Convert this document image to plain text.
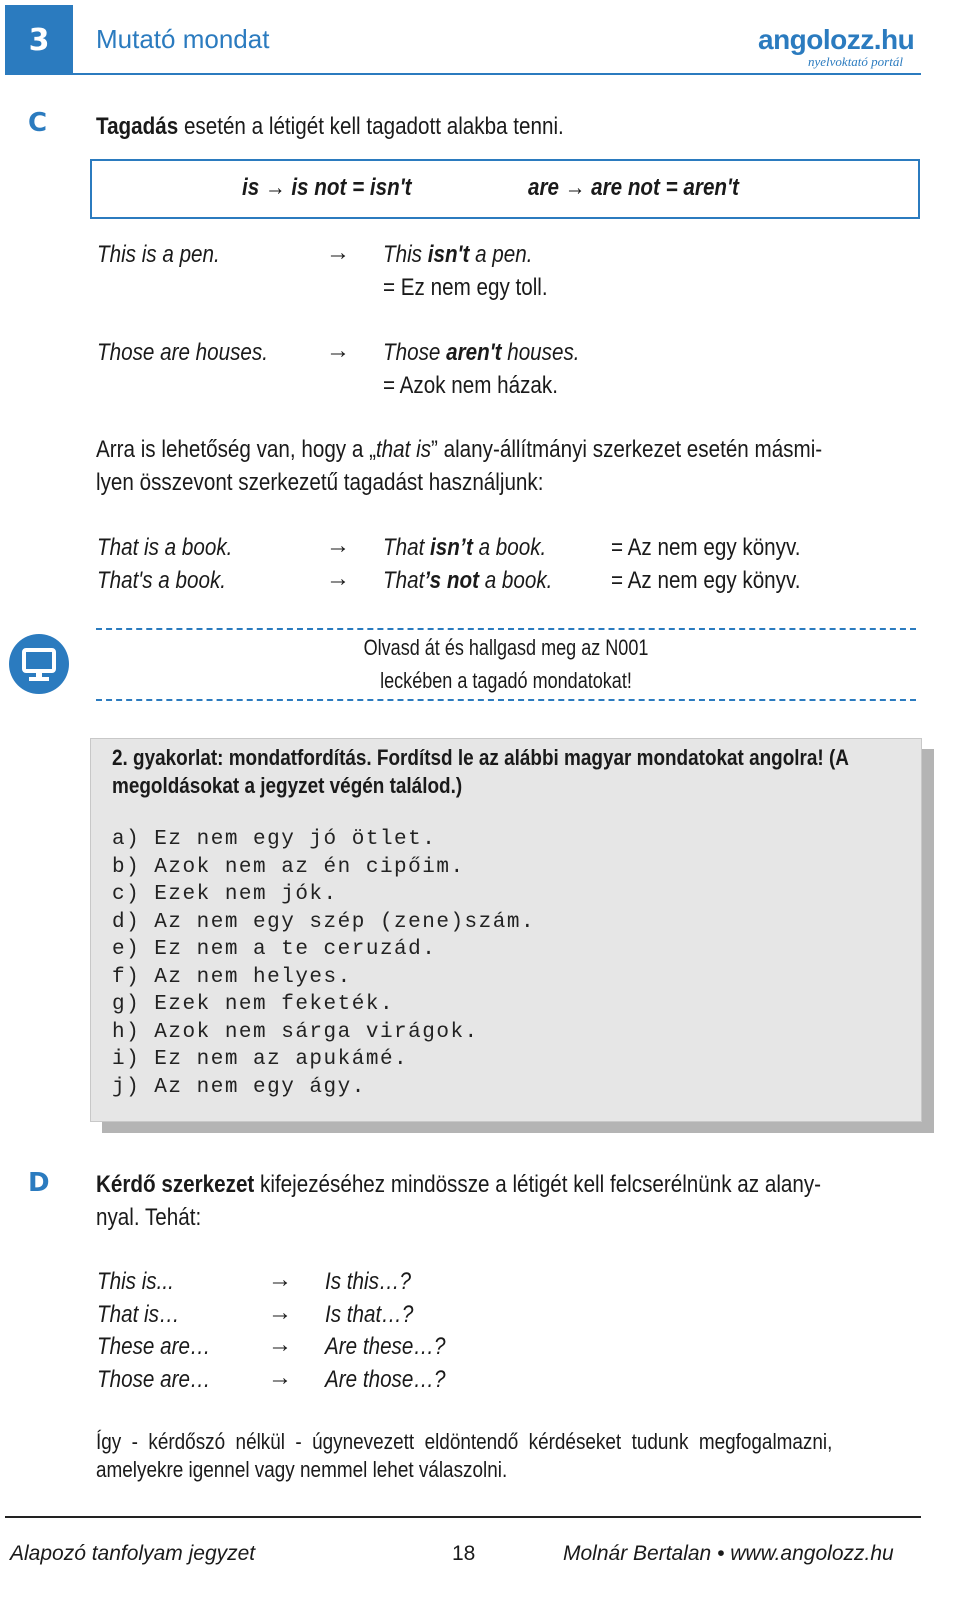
3	Mutató mondat	angolozz.hu
nyelvoktató portál
C Tagadás esetén a létigét kell tagadott alakba tenni.
is → is not = isn't	are → are not = aren't
This is a pen.	→ This isn't a pen.
= Ez nem egy toll.
Those are houses. → Those aren't houses.
= Azok nem házak.
Arra is lehetőség van, hogy a „that is” alany-állítmányi szerkezet esetén másmi-
lyen összevont szerkezetű tagadást használjunk:
That is a book.	→ That isn’t a book.	= Az nem egy könyv.
That's a book.	→ That’s not a book. = Az nem egy könyv.
Olvasd át és hallgasd meg az N001
leckében a tagadó mondatokat!
2. gyakorlat: mondatfordítás. Fordítsd le az alábbi magyar mondatokat angolra! (A
megoldásokat a jegyzet végén találod.)
a) Ez nem egy jó ötlet.
b) Azok nem az én cipőim.
c) Ezek nem jók.
d) Az nem egy szép (zene)szám.
e) Ez nem a te ceruzád.
f) Az nem helyes.
g) Ezek nem feketék.
h) Azok nem sárga virágok.
i) Ez nem az apukámé.
j) Az nem egy ágy.
D Kérdő szerkezet kifejezéséhez mindössze a létigét kell felcserélnünk az alany-
nyal. Tehát:
This is...	→ Is this…?
That is…	→ Is that…?
These are… → Are these…?
Those are… → Are those…?
Így - kérdőszó nélkül - úgynevezett eldöntendő kérdéseket tudunk megfogalmazni,
amelyekre igennel vagy nemmel lehet válaszolni.
Alapozó tanfolyam jegyzet	18	Molnár Bertalan • www.angolozz.hu
